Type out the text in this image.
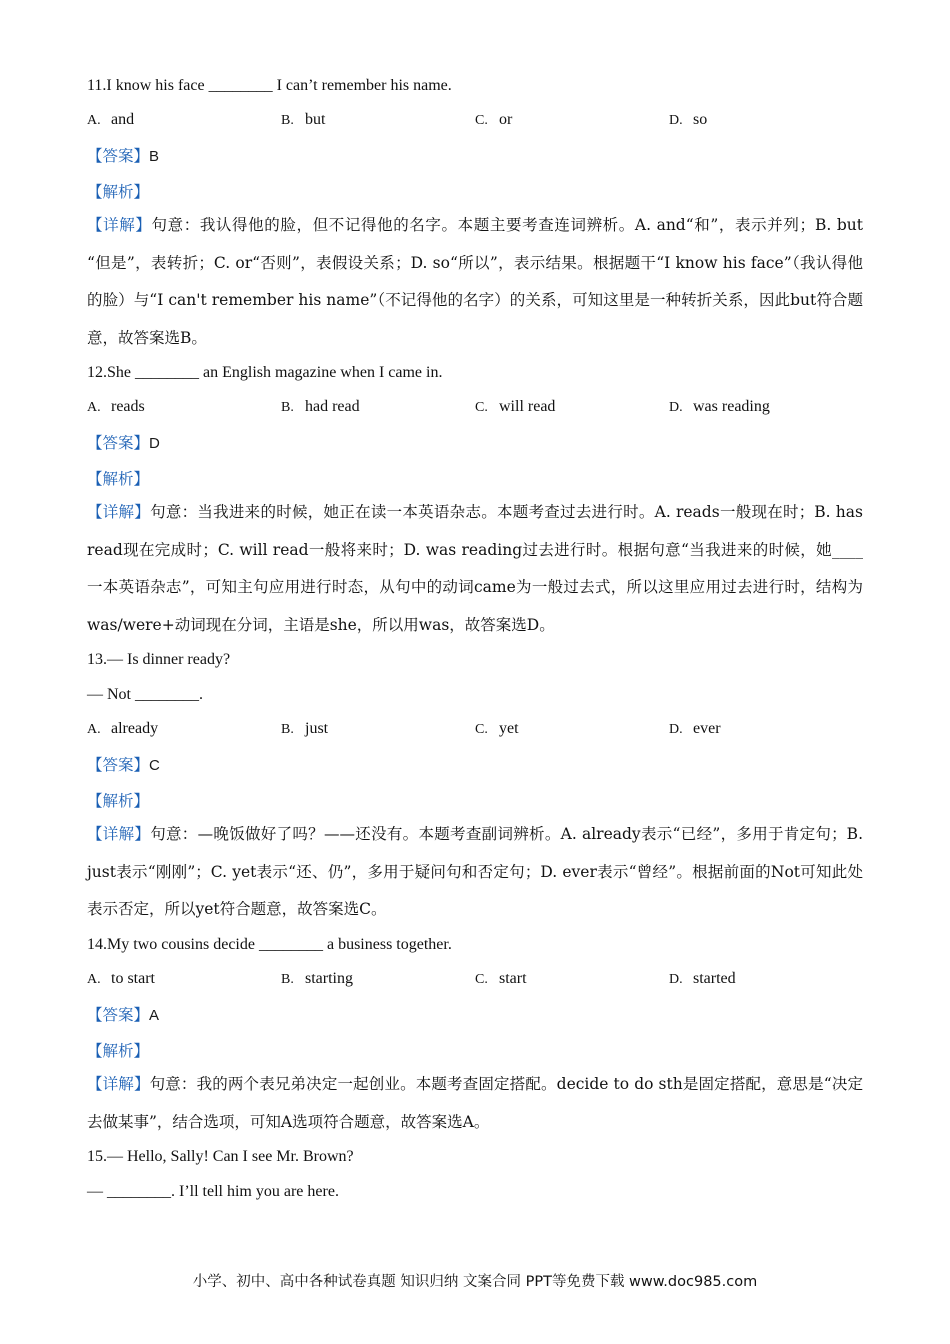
11.I know his face ________ I can’t remember his name.
A. and	B. but	C. or	D. so
【答案】B
【解析】
【详解】句意：我认得他的脸，但不记得他的名字。本题主要考查连词辨析。A. and“和”，表示并列；B. but “但是”，表转折；C. or“否则”，表假设关系；D. so“所以”，表示结果。根据题干“I know his face”（我认得他的脸）与“I can't remember his name”（不记得他的名字）的关系，可知这里是一种转折关系，因此but符合题意，故答案选B。
12.She ________ an English magazine when I came in.
A. reads	B. had read	C. will read	D. was reading
【答案】D
【解析】
【详解】句意：当我进来的时候，她正在读一本英语杂志。本题考查过去进行时。A. reads一般现在时；B. has read现在完成时；C. will read一般将来时；D. was reading过去进行时。根据句意“当我进来的时候，她____一本英语杂志”，可知主句应用进行时态，从句中的动词came为一般过去式，所以这里应用过去进行时，结构为was/were+动词现在分词，主语是she，所以用was，故答案选D。
13.— Is dinner ready?
— Not ________.
A. already	B. just	C. yet	D. ever
【答案】C
【解析】
【详解】句意：—晚饭做好了吗？——还没有。本题考查副词辨析。A. already表示“已经”，多用于肯定句；B. just表示“刚刚”；C. yet表示“还、仍”，多用于疑问句和否定句；D. ever表示“曾经”。根据前面的Not可知此处表示否定，所以yet符合题意，故答案选C。
14.My two cousins decide ________ a business together.
A. to start	B. starting	C. start	D. started
【答案】A
【解析】
【详解】句意：我的两个表兄弟决定一起创业。本题考查固定搭配。decide to do sth是固定搭配，意思是“决定去做某事”，结合选项，可知A选项符合题意，故答案选A。
15.— Hello, Sally! Can I see Mr. Brown?
— ________. I’ll tell him you are here.
小学、初中、高中各种试卷真题 知识归纳 文案合同 PPT等免费下载 www.doc985.com
